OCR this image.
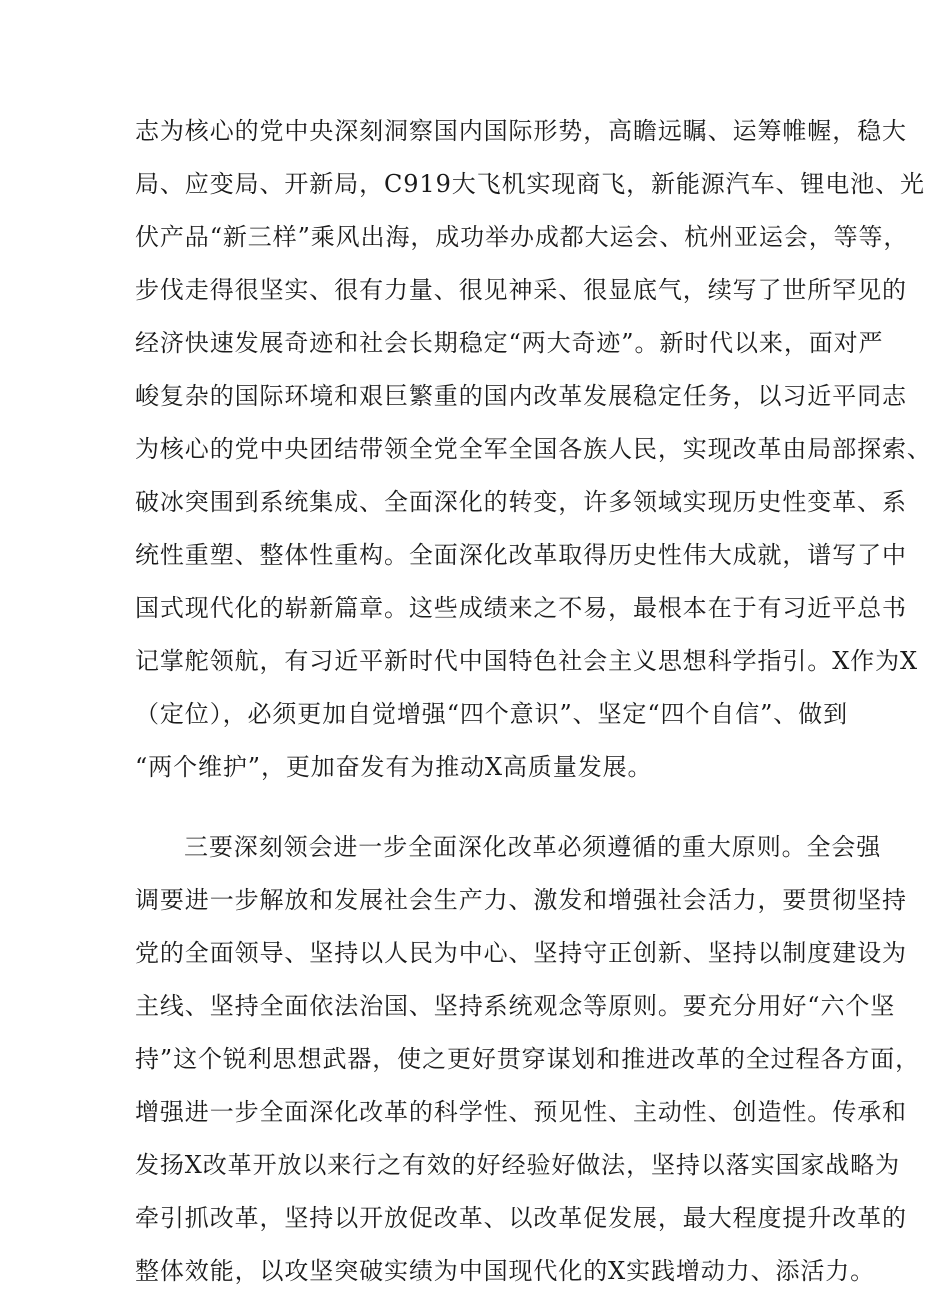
志为核心的党中央深刻洞察国内国际形势，高瞻远瞩、运筹帷幄，稳大
局、应变局、开新局，C919大飞机实现商飞，新能源汽车、锂电池、光
伏产品“新三样”乘风出海，成功举办成都大运会、杭州亚运会，等等，
步伐走得很坚实、很有力量、很见神采、很显底气，续写了世所罕见的
经济快速发展奇迹和社会长期稳定“两大奇迹”。新时代以来，面对严
峻复杂的国际环境和艰巨繁重的国内改革发展稳定任务，以习近平同志
为核心的党中央团结带领全党全军全国各族人民，实现改革由局部探索、
破冰突围到系统集成、全面深化的转变，许多领域实现历史性变革、系
统性重塑、整体性重构。全面深化改革取得历史性伟大成就，谱写了中
国式现代化的崭新篇章。这些成绩来之不易，最根本在于有习近平总书
记掌舵领航，有习近平新时代中国特色社会主义思想科学指引。X作为X
（定位），必须更加自觉增强“四个意识”、坚定“四个自信”、做到
“两个维护”，更加奋发有为推动X高质量发展。
三要深刻领会进一步全面深化改革必须遵循的重大原则。全会强
调要进一步解放和发展社会生产力、激发和增强社会活力，要贯彻坚持
党的全面领导、坚持以人民为中心、坚持守正创新、坚持以制度建设为
主线、坚持全面依法治国、坚持系统观念等原则。要充分用好“六个坚
持”这个锐利思想武器，使之更好贯穿谋划和推进改革的全过程各方面，
增强进一步全面深化改革的科学性、预见性、主动性、创造性。传承和
发扬X改革开放以来行之有效的好经验好做法，坚持以落实国家战略为
牵引抓改革，坚持以开放促改革、以改革促发展，最大程度提升改革的
整体效能，以攻坚突破实绩为中国现代化的X实践增动力、添活力。
